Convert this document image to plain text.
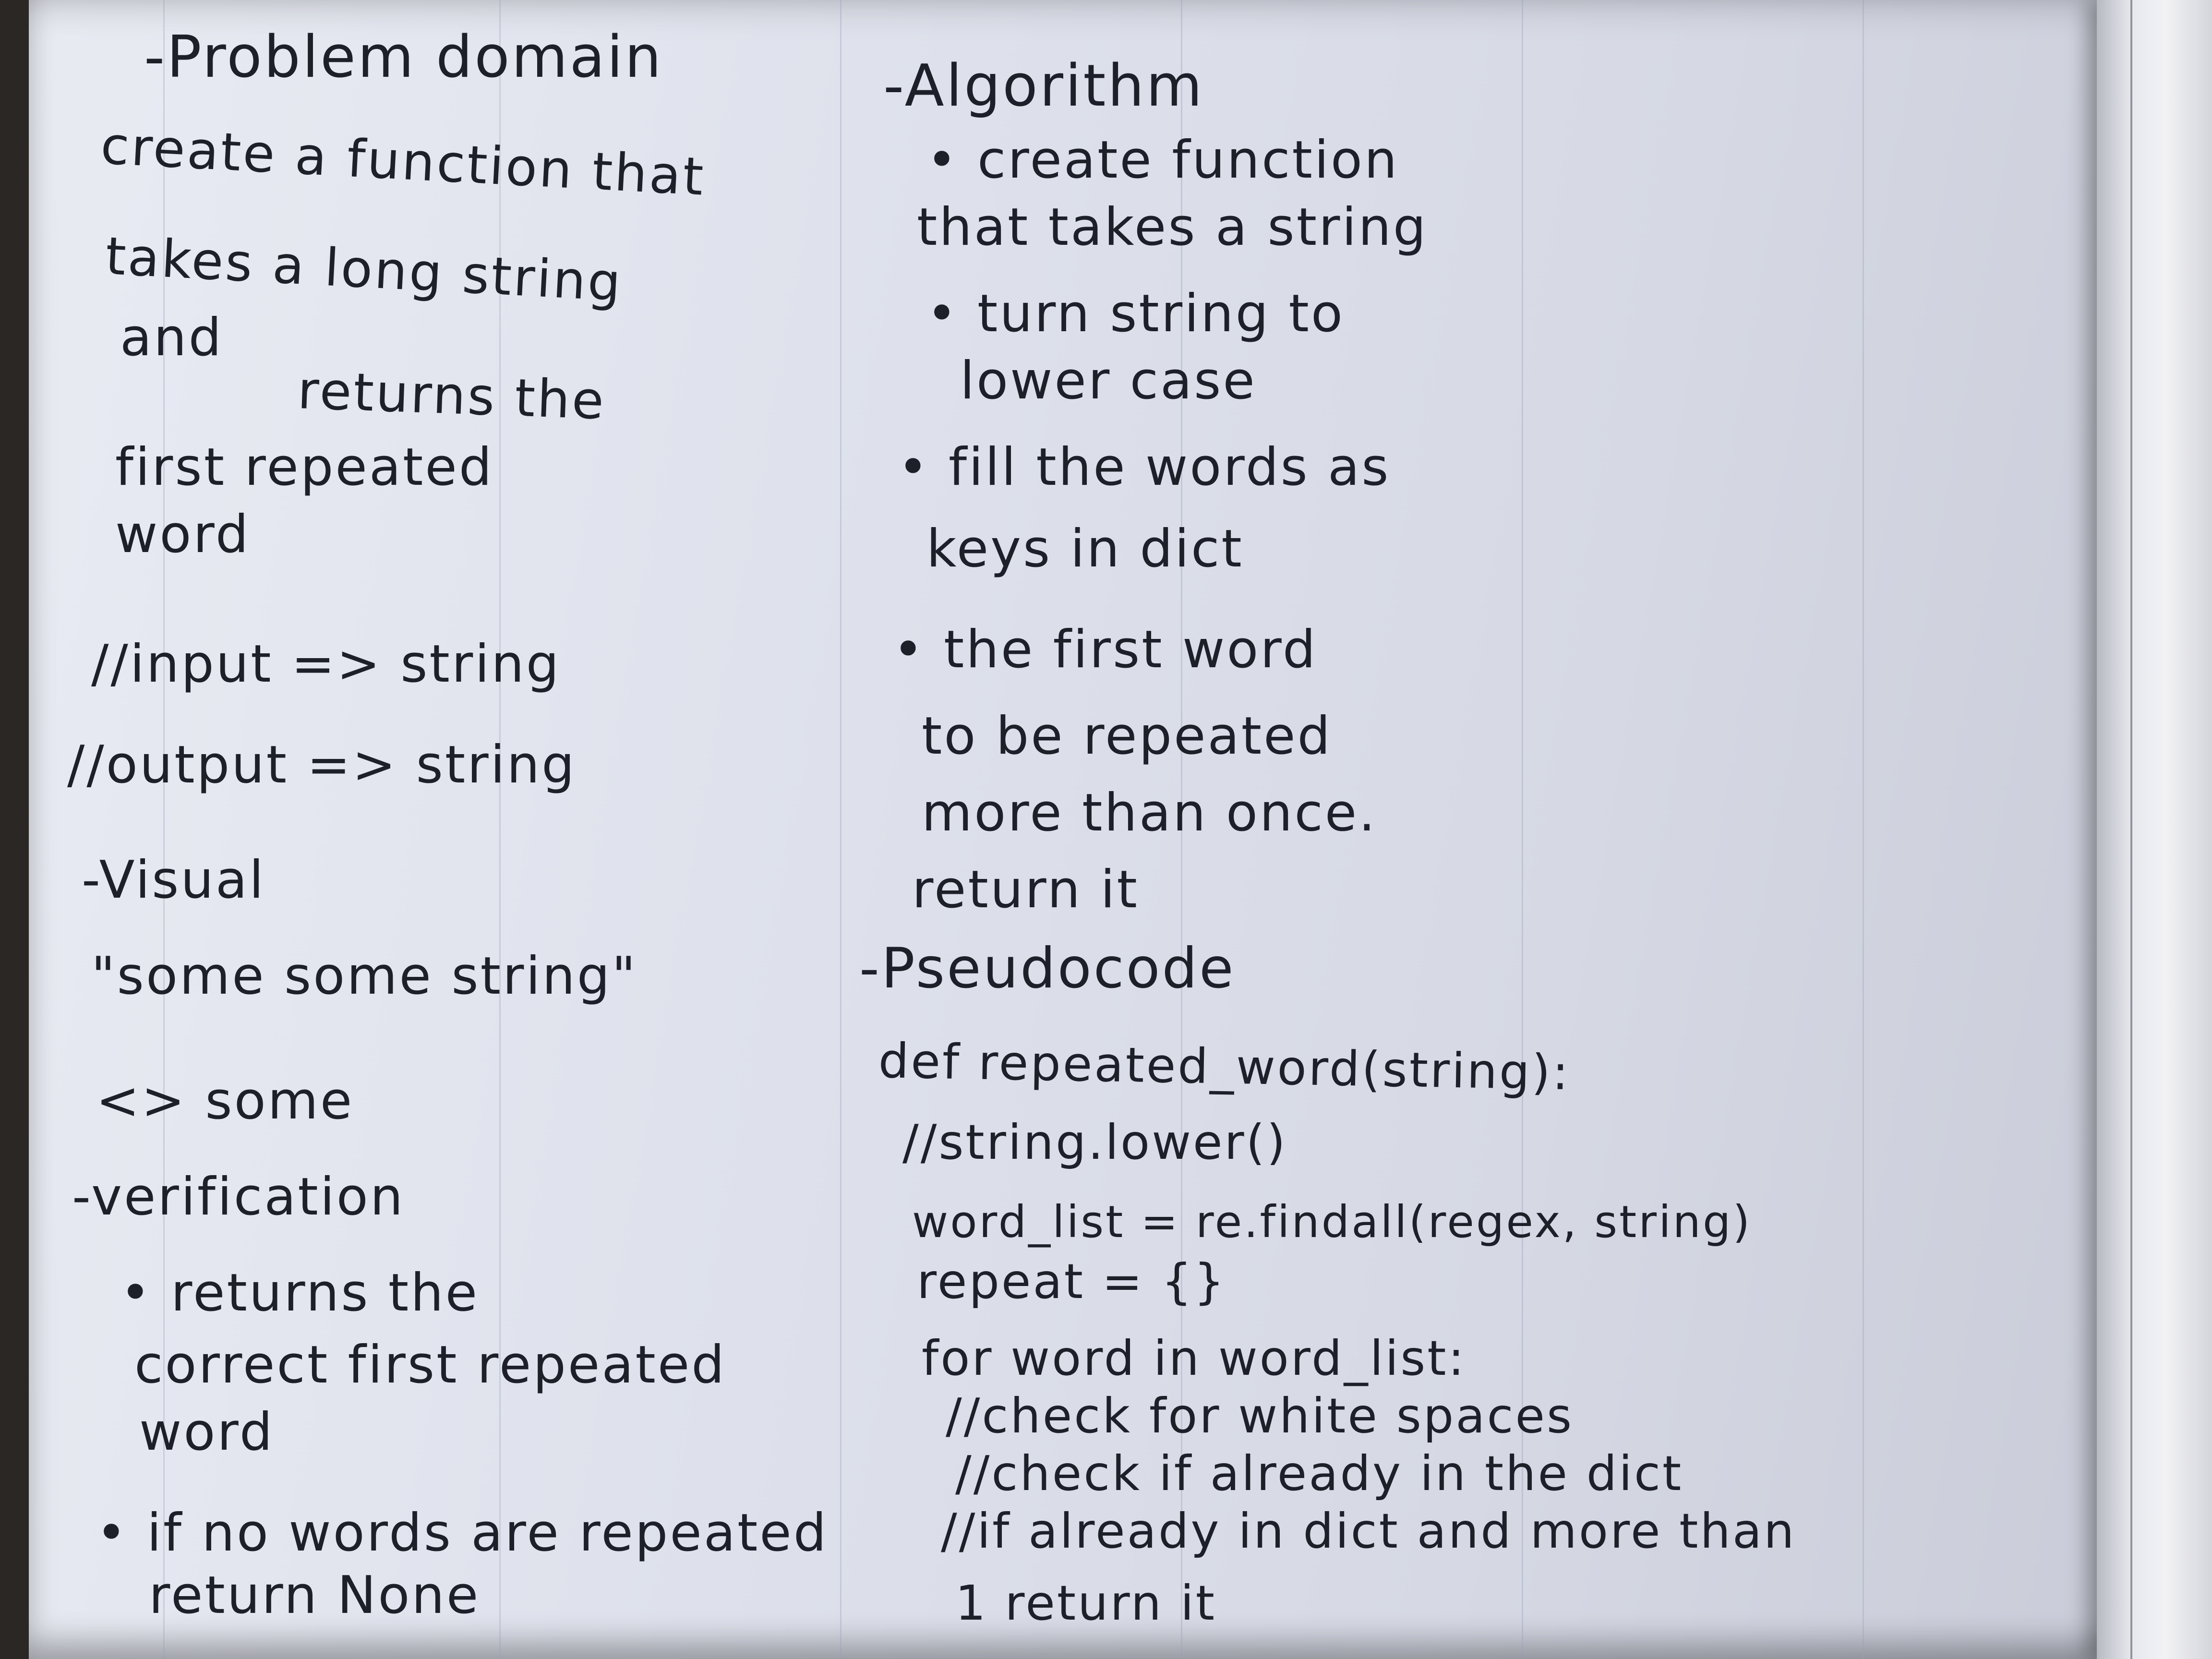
-Problem domain
create a function that
takes a long string
and
returns the
first repeated
word
//input => string
//output => string
-Visual
"some some string"
<> some
-verification
• returns the
correct first repeated
word
• if no words are repeated
return None
-Algorithm
• create function
that takes a string
• turn string to
lower case
• fill the words as
keys in dict
• the first word
to be repeated
more than once.
return it
-Pseudocode
def repeated_word(string):
//string.lower()
word_list = re.findall(regex, string)
repeat = {}
for word in word_list:
//check for white spaces
//check if already in the dict
//if already in dict and more than
1 return it
